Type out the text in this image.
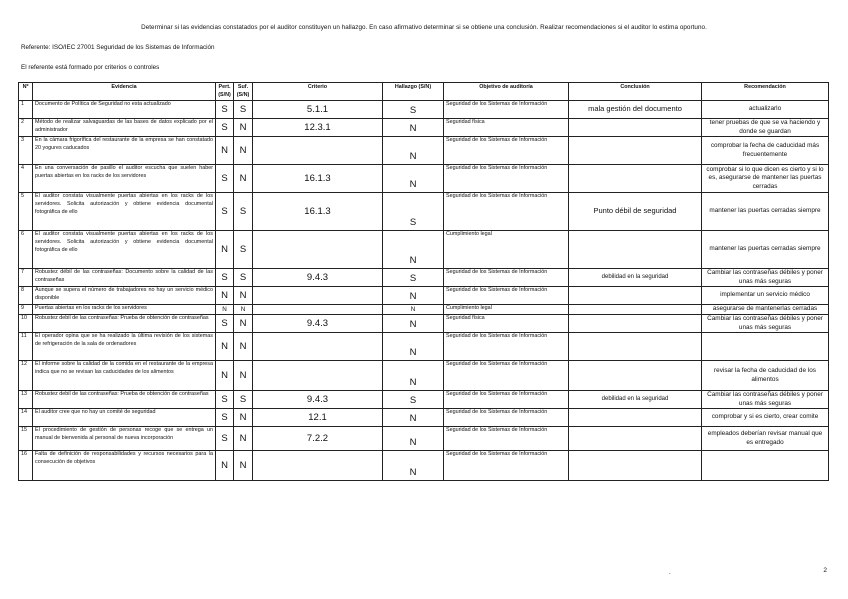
Determinar si las evidencias constatados por el auditor constituyen un hallazgo. En caso afirmativo determinar si se obtiene una conclusión. Realizar recomendaciones si el auditor lo estima oportuno.
Referente: ISO/IEC 27001 Seguridad de los Sistemas de Información
El referente está formado por criterios o controles
Nº	Evidencia	Pert. (S/N)	Suf. (S/N)	Criterio	Hallazgo (S/N)	Objetivo de auditoría	Conclusión	Recomendación
1	Documento de Política de Seguridad no esta actualizado	S	S	5.1.1	S	Seguridad de los Sistemas de Información	mala gestión del documento	actualizarlo
2	Método de realizar salvaguardas de las bases de datos explicado por el administrador	S	N	12.3.1	N	Seguridad física		tener pruebas de que se va haciendo y donde se guardan
3	En la cámara frigorífica del restaurante de la empresa se han constatado 20 yogures caducados	N	N		N	Seguridad de los Sistemas de Información		comprobar la fecha de caducidad más frecuentemente
4	En una conversación de pasillo el auditor escucha que suelen haber puertas abiertas en los racks de los servidores	S	N	16.1.3	N	Seguridad de los Sistemas de Información		comprobar si lo que dicen es cierto y si lo es, asegurarse de mantener las puertas cerradas
5	El auditor constata visualmente puertas abiertas en los racks de los servidores. Solicita autorización y obtiene evidencia documental fotográfica de ello	S	S	16.1.3	S	Seguridad de los Sistemas de Información	Punto débil de seguridad	mantener las puertas cerradas siempre
6	El auditor constata visualmente puertas abiertas en los racks de los servidores. Solicita autorización y obtiene evidencia documental fotográfica de ello	N	S		N	Cumplimiento legal		mantener las puertas cerradas siempre
7	Robustez débil de las contraseñas: Documento sobre la calidad de las contraseñas	S	S	9.4.3	S	Seguridad de los Sistemas de Información	debilidad en la seguridad	Cambiar las contraseñas débiles y poner unas más seguras
8	Aunque se supera el número de trabajadores no hay un servicio médico disponible	N	N		N	Seguridad de los Sistemas de Información		implementar un servicio médico
9	Puertas abiertas en los racks de los servidores	N	N		N	Cumplimiento legal		asegurarse de mantenerlas cerradas
10	Robustez debil de las contraseñas: Prueba de obtención de contraseñas	S	N	9.4.3	N	Seguridad física		Cambiar las contraseñas débiles y poner unas más seguras
11	El operador opina que se ha realizado la última revisión de los sistemas de refrigeración de la sala de ordenadores	N	N		N	Seguridad de los Sistemas de Información		
12	El informe sobre la calidad de la comida en el restaurante de la empresa indica que no se revisan las caducidades de los alimentos	N	N		N	Seguridad de los Sistemas de Información		revisar la fecha de caducidad de los alimentos
13	Robustez debil de las contraseñas: Prueba de obtención de contraseñas	S	S	9.4.3	S	Seguridad de los Sistemas de Información	debilidad en la seguridad	Cambiar las contraseñas débiles y poner unas más seguras
14	El auditor cree que no hay un comité de seguridad	S	N	12.1	N	Seguridad de los Sistemas de Información		comprobar y si es cierto, crear comite
15	El procedimiento de gestión de personas recoge que se entrega un manual de bienvenida al personal de nueva incorporación	S	N	7.2.2	N	Seguridad de los Sistemas de Información		empleados deberían revisar manual que es entregado
16	Falta de definición de responsabilidades y recursos necesarios para la consecución de objetivos	N	N		N	Seguridad de los Sistemas de Información		
.	2
